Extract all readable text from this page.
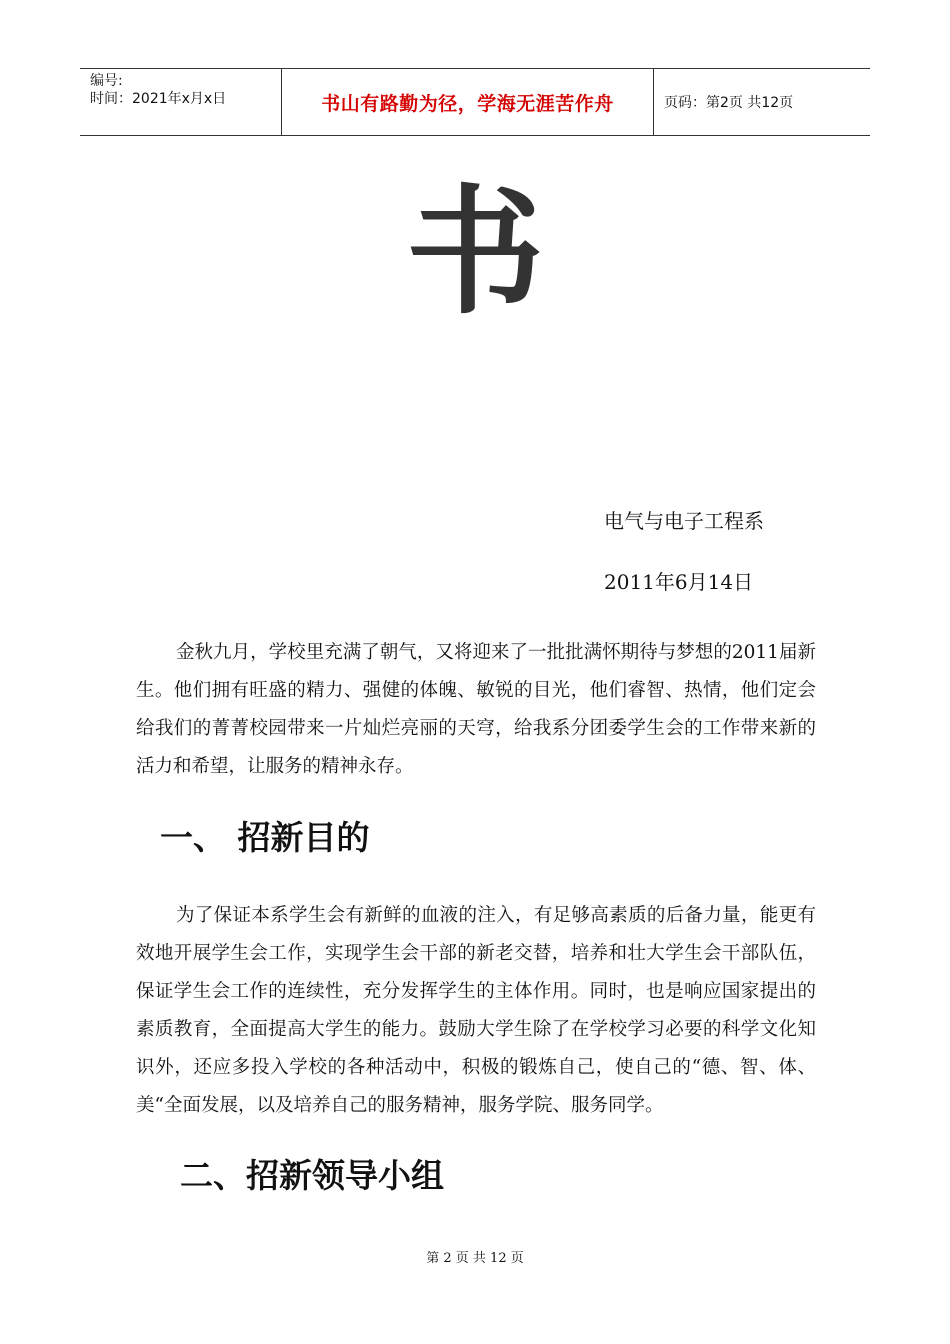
编号:
时间：2021年x月x日	书山有路勤为径，学海无涯苦作舟	页码：第2页 共12页
书
电气与电子工程系
2011年6月14日

金秋九月，学校里充满了朝气，又将迎来了一批批满怀期待与梦想的2011届新生。他们拥有旺盛的精力、强健的体魄、敏锐的目光，他们睿智、热情，他们定会给我们的菁菁校园带来一片灿烂亮丽的天穹，给我系分团委学生会的工作带来新的活力和希望，让服务的精神永存。

一、 招新目的

为了保证本系学生会有新鲜的血液的注入，有足够高素质的后备力量，能更有效地开展学生会工作，实现学生会干部的新老交替，培养和壮大学生会干部队伍，保证学生会工作的连续性，充分发挥学生的主体作用。同时，也是响应国家提出的素质教育，全面提高大学生的能力。鼓励大学生除了在学校学习必要的科学文化知识外，还应多投入学校的各种活动中，积极的锻炼自己，使自己的“德、智、体、美“全面发展，以及培养自己的服务精神，服务学院、服务同学。

二、招新领导小组
第 2 页 共 12 页
